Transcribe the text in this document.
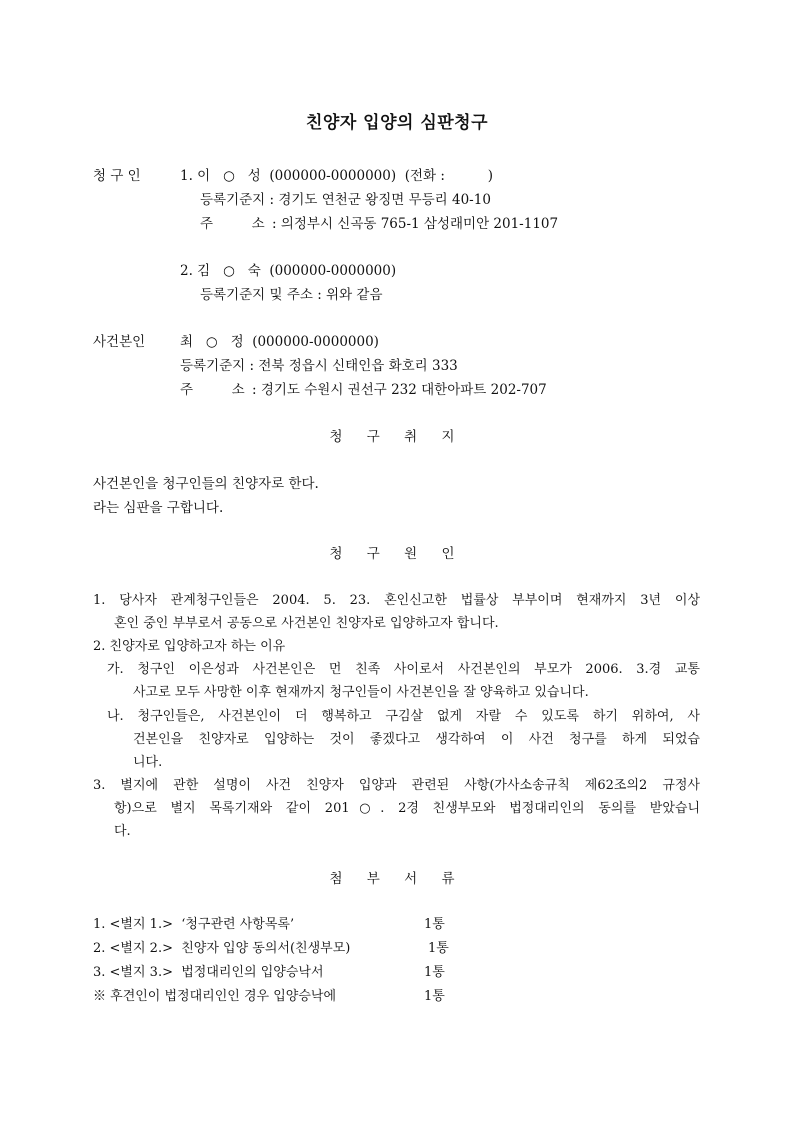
친양자 입양의 심판청구
청 구 인	1. 이   ○   성  (000000-0000000)  (전화 :          )
등록기준지 : 경기도 연천군 왕징면 무등리 40-10
주         소 : 의정부시 신곡동 765-1 삼성래미안 201-1107
2. 김   ○   숙  (000000-0000000)
등록기준지 및 주소 : 위와 같음
사건본인	최   ○   정  (000000-0000000)
등록기준지 : 전북 정읍시 신태인읍 화호리 333
주         소 : 경기도 수원시 권선구 232 대한아파트 202-707
청 구 취 지
사건본인을 청구인들의 친양자로 한다.
라는 심판을 구합니다.
청 구 원 인
1. 당사자 관계청구인들은 2004. 5. 23. 혼인신고한 법률상 부부이며 현재까지 3년 이상
혼인 중인 부부로서 공동으로 사건본인 친양자로 입양하고자 합니다.
2. 친양자로 입양하고자 하는 이유
가. 청구인 이은성과 사건본인은 먼 친족 사이로서 사건본인의 부모가 2006. 3.경 교통
사고로 모두 사망한 이후 현재까지 청구인들이 사건본인을 잘 양육하고 있습니다.
나. 청구인들은, 사건본인이 더 행복하고 구김살 없게 자랄 수 있도록 하기 위하여, 사
건본인을 친양자로 입양하는 것이 좋겠다고 생각하여 이 사건 청구를 하게 되었습
니다.
3. 별지에 관한 설명이 사건 친양자 입양과 관련된 사항(가사소송규칙 제62조의2 규정사
항)으로 별지 목록기재와 같이 201○. 2경 친생부모와 법정대리인의 동의를 받았습니
다.
첨 부 서 류
1. <별지 1.>  ‘청구관련 사항목록’	1통
2. <별지 2.>  친양자 입양 동의서(친생부모)	1통
3. <별지 3.>  법정대리인의 입양승낙서	1통
※ 후견인이 법정대리인인 경우 입양승낙에	1통
